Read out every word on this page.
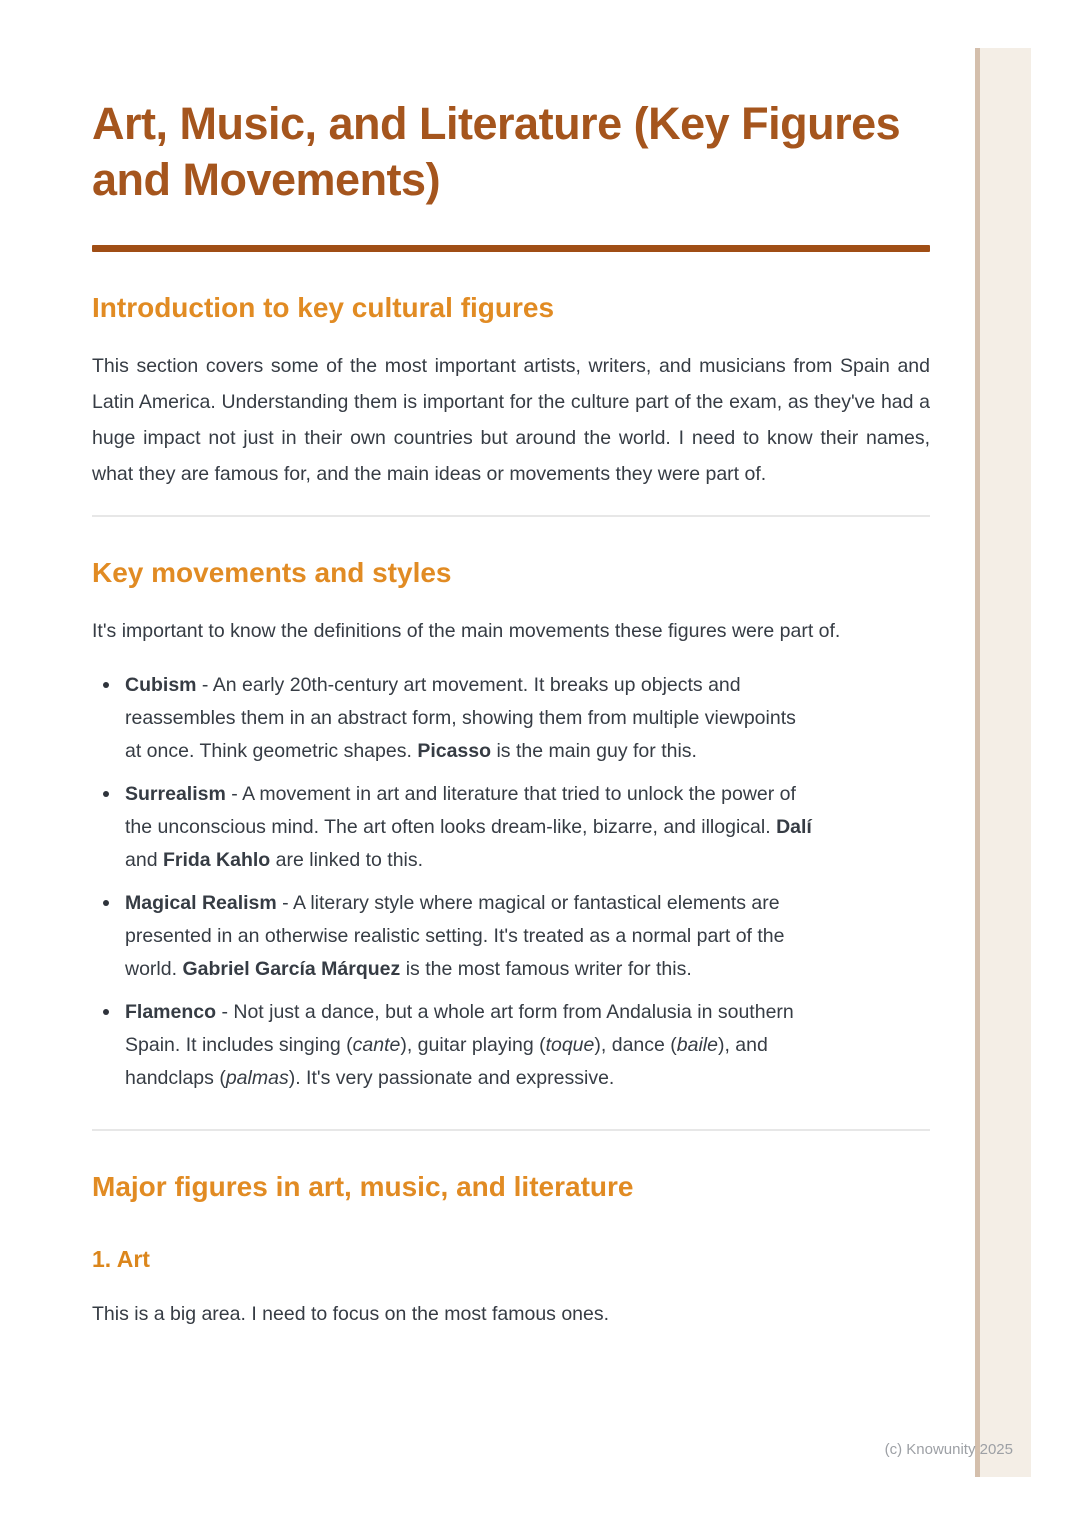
Art, Music, and Literature (Key Figures and Movements)
Introduction to key cultural figures

This section covers some of the most important artists, writers, and musicians from Spain and Latin America. Understanding them is important for the culture part of the exam, as they've had a huge impact not just in their own countries but around the world. I need to know their names, what they are famous for, and the main ideas or movements they were part of.

Key movements and styles

It's important to know the definitions of the main movements these figures were part of.

Cubism - An early 20th-century art movement. It breaks up objects and reassembles them in an abstract form, showing them from multiple viewpoints at once. Think geometric shapes. Picasso is the main guy for this.
Surrealism - A movement in art and literature that tried to unlock the power of the unconscious mind. The art often looks dream-like, bizarre, and illogical. Dalí and Frida Kahlo are linked to this.
Magical Realism - A literary style where magical or fantastical elements are presented in an otherwise realistic setting. It's treated as a normal part of the world. Gabriel García Márquez is the most famous writer for this.
Flamenco - Not just a dance, but a whole art form from Andalusia in southern Spain. It includes singing (cante), guitar playing (toque), dance (baile), and handclaps (palmas). It's very passionate and expressive.
Major figures in art, music, and literature
1. Art

This is a big area. I need to focus on the most famous ones.

(c) Knowunity 2025
